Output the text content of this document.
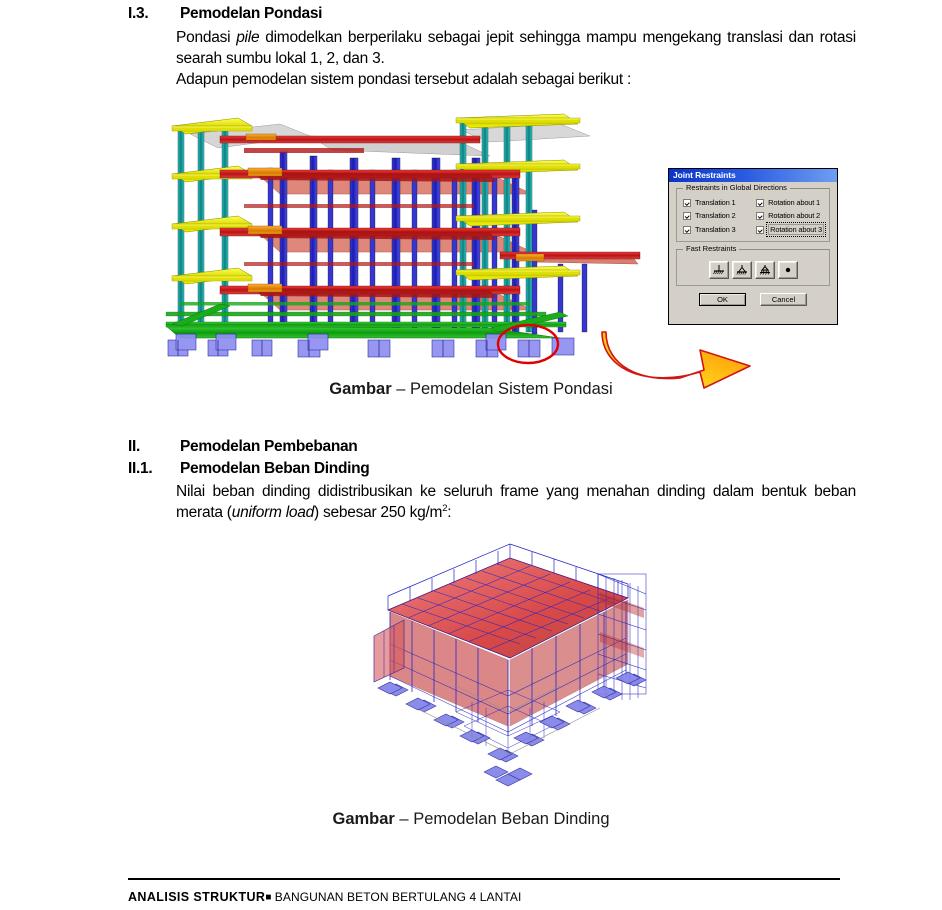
I.3.	Pemodelan Pondasi
Pondasi pile dimodelkan berperilaku sebagai jepit sehingga mampu mengekang translasi dan rotasi searah sumbu lokal 1, 2, dan 3.
Adapun pemodelan sistem pondasi tersebut adalah sebagai berikut :
Joint Restraints
Restraints in Global Directions
Translation 1	Rotation about 1
Translation 2	Rotation about 2
Translation 3	Rotation about 3
Fast Restraints
OK	Cancel
Gambar – Pemodelan Sistem Pondasi
II.	Pemodelan Pembebanan
II.1.	Pemodelan Beban Dinding
Nilai beban dinding didistribusikan ke seluruh frame yang menahan dinding dalam bentuk beban merata (uniform load) sebesar 250 $kg/m^2$:
Gambar – Pemodelan Beban Dinding
ANALISIS STRUKTUR■ BANGUNAN BETON BERTULANG 4 LANTAI
